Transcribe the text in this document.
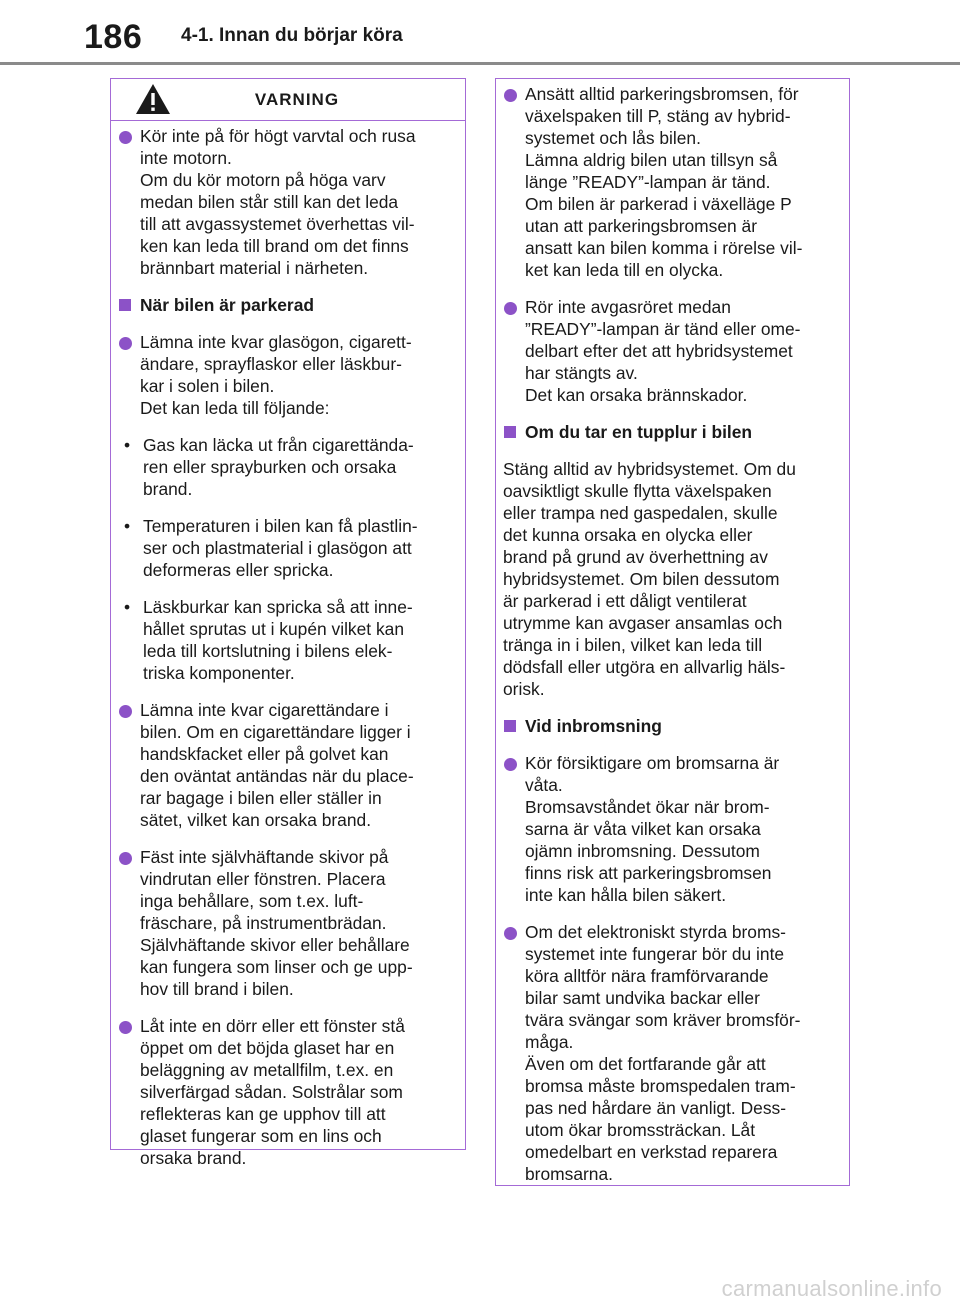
186 4-1. Innan du börjar köra
VARNING
Kör inte på för högt varvtal och rusa
inte motorn.
Om du kör motorn på höga varv
medan bilen står still kan det leda
till att avgassystemet överhettas vil-
ken kan leda till brand om det finns
brännbart material i närheten.
När bilen är parkerad
Lämna inte kvar glasögon, cigarett-
ändare, sprayflaskor eller läskbur-
kar i solen i bilen.
Det kan leda till följande:
• Gas kan läcka ut från cigarettända-
ren eller sprayburken och orsaka
brand.
• Temperaturen i bilen kan få plastlin-
ser och plastmaterial i glasögon att
deformeras eller spricka.
• Läskburkar kan spricka så att inne-
hållet sprutas ut i kupén vilket kan
leda till kortslutning i bilens elek-
triska komponenter.
Lämna inte kvar cigarettändare i
bilen. Om en cigarettändare ligger i
handskfacket eller på golvet kan
den oväntat antändas när du place-
rar bagage i bilen eller ställer in
sätet, vilket kan orsaka brand.
Fäst inte självhäftande skivor på
vindrutan eller fönstren. Placera
inga behållare, som t.ex. luft-
fräschare, på instrumentbrädan.
Självhäftande skivor eller behållare
kan fungera som linser och ge upp-
hov till brand i bilen.
Låt inte en dörr eller ett fönster stå
öppet om det böjda glaset har en
beläggning av metallfilm, t.ex. en
silverfärgad sådan. Solstrålar som
reflekteras kan ge upphov till att
glaset fungerar som en lins och
orsaka brand.
Ansätt alltid parkeringsbromsen, för
växelspaken till P, stäng av hybrid-
systemet och lås bilen.
Lämna aldrig bilen utan tillsyn så
länge ”READY”-lampan är tänd.
Om bilen är parkerad i växelläge P
utan att parkeringsbromsen är
ansatt kan bilen komma i rörelse vil-
ket kan leda till en olycka.
Rör inte avgasröret medan
”READY”-lampan är tänd eller ome-
delbart efter det att hybridsystemet
har stängts av.
Det kan orsaka brännskador.
Om du tar en tupplur i bilen
Stäng alltid av hybridsystemet. Om du
oavsiktligt skulle flytta växelspaken
eller trampa ned gaspedalen, skulle
det kunna orsaka en olycka eller
brand på grund av överhettning av
hybridsystemet. Om bilen dessutom
är parkerad i ett dåligt ventilerat
utrymme kan avgaser ansamlas och
tränga in i bilen, vilket kan leda till
dödsfall eller utgöra en allvarlig häls-
orisk.
Vid inbromsning
Kör försiktigare om bromsarna är
våta.
Bromsavståndet ökar när brom-
sarna är våta vilket kan orsaka
ojämn inbromsning. Dessutom
finns risk att parkeringsbromsen
inte kan hålla bilen säkert.
Om det elektroniskt styrda broms-
systemet inte fungerar bör du inte
köra alltför nära framförvarande
bilar samt undvika backar eller
tvära svängar som kräver bromsför-
måga.
Även om det fortfarande går att
bromsa måste bromspedalen tram-
pas ned hårdare än vanligt. Dess-
utom ökar bromssträckan. Låt
omedelbart en verkstad reparera
bromsarna.
carmanualsonline.info
